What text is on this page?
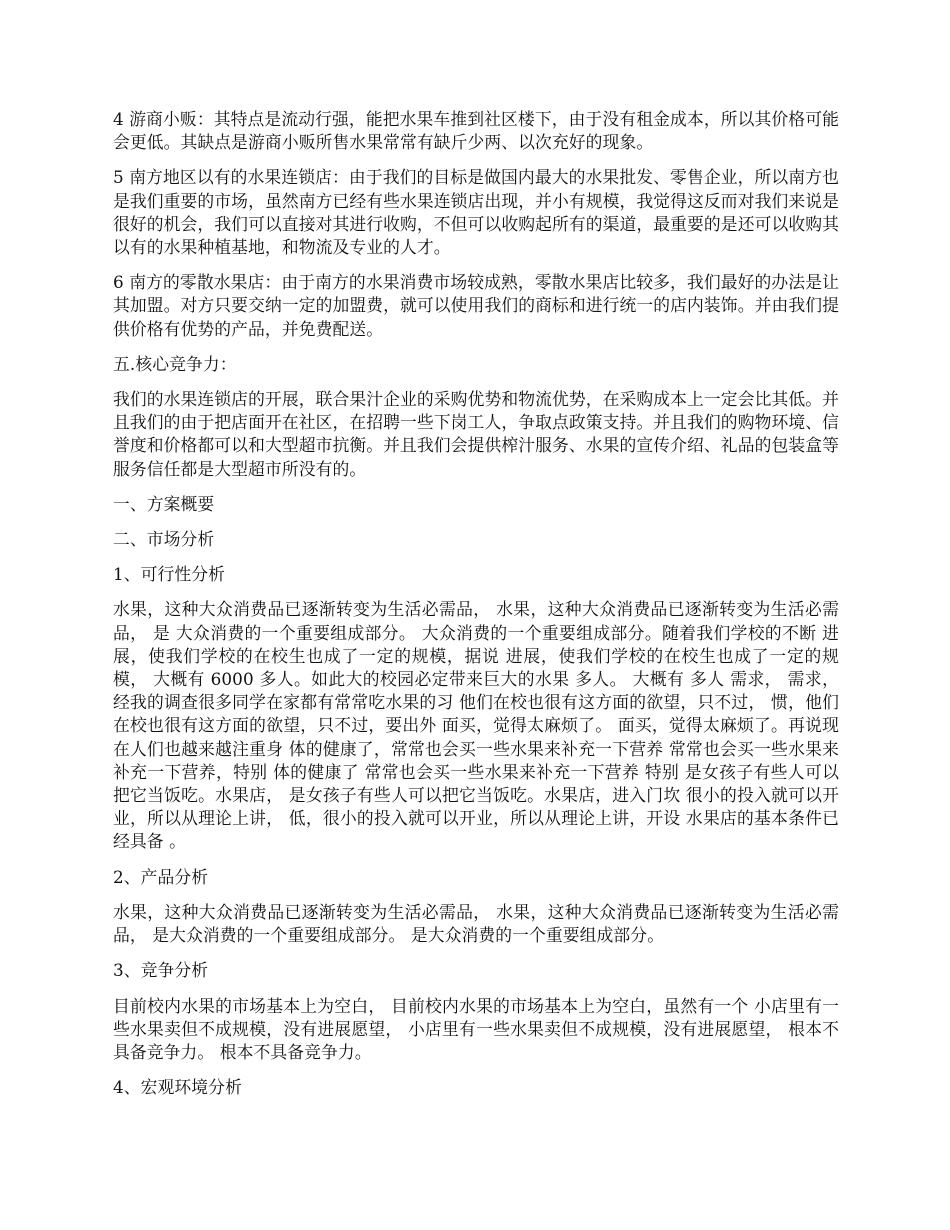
4 游商小贩：其特点是流动行强，能把水果车推到社区楼下，由于没有租金成本，所以其价格可能会更低。其缺点是游商小贩所售水果常常有缺斤少两、以次充好的现象。

5 南方地区以有的水果连锁店：由于我们的目标是做国内最大的水果批发、零售企业，所以南方也是我们重要的市场，虽然南方已经有些水果连锁店出现，并小有规模，我觉得这反而对我们来说是很好的机会，我们可以直接对其进行收购，不但可以收购起所有的渠道，最重要的是还可以收购其以有的水果种植基地，和物流及专业的人才。

6 南方的零散水果店：由于南方的水果消费市场较成熟，零散水果店比较多，我们最好的办法是让其加盟。对方只要交纳一定的加盟费，就可以使用我们的商标和进行统一的店内装饰。并由我们提供价格有优势的产品，并免费配送。

五.核心竞争力：

我们的水果连锁店的开展，联合果汁企业的采购优势和物流优势，在采购成本上一定会比其低。并且我们的由于把店面开在社区，在招聘一些下岗工人，争取点政策支持。并且我们的购物环境、信誉度和价格都可以和大型超市抗衡。并且我们会提供榨汁服务、水果的宣传介绍、礼品的包装盒等服务信任都是大型超市所没有的。

一、方案概要

二、市场分析

1、可行性分析

水果，这种大众消费品已逐渐转变为生活必需品， 水果，这种大众消费品已逐渐转变为生活必需品， 是 大众消费的一个重要组成部分。 大众消费的一个重要组成部分。随着我们学校的不断 进展，使我们学校的在校生也成了一定的规模，据说 进展，使我们学校的在校生也成了一定的规模， 大概有 6000 多人。如此大的校园必定带来巨大的水果 多人。 大概有 多人 需求， 需求，经我的调查很多同学在家都有常常吃水果的习 他们在校也很有这方面的欲望，只不过， 惯，他们在校也很有这方面的欲望，只不过，要出外 面买，觉得太麻烦了。 面买，觉得太麻烦了。再说现在人们也越来越注重身 体的健康了，常常也会买一些水果来补充一下营养 常常也会买一些水果来补充一下营养，特别 体的健康了 常常也会买一些水果来补充一下营养 特别 是女孩子有些人可以把它当饭吃。水果店， 是女孩子有些人可以把它当饭吃。水果店，进入门坎 很小的投入就可以开业，所以从理论上讲， 低，很小的投入就可以开业，所以从理论上讲，开设 水果店的基本条件已经具备 。

2、产品分析

水果，这种大众消费品已逐渐转变为生活必需品， 水果，这种大众消费品已逐渐转变为生活必需品， 是大众消费的一个重要组成部分。 是大众消费的一个重要组成部分。

3、竞争分析

目前校内水果的市场基本上为空白， 目前校内水果的市场基本上为空白，虽然有一个 小店里有一些水果卖但不成规模，没有进展愿望， 小店里有一些水果卖但不成规模，没有进展愿望， 根本不具备竞争力。 根本不具备竞争力。

4、宏观环境分析
